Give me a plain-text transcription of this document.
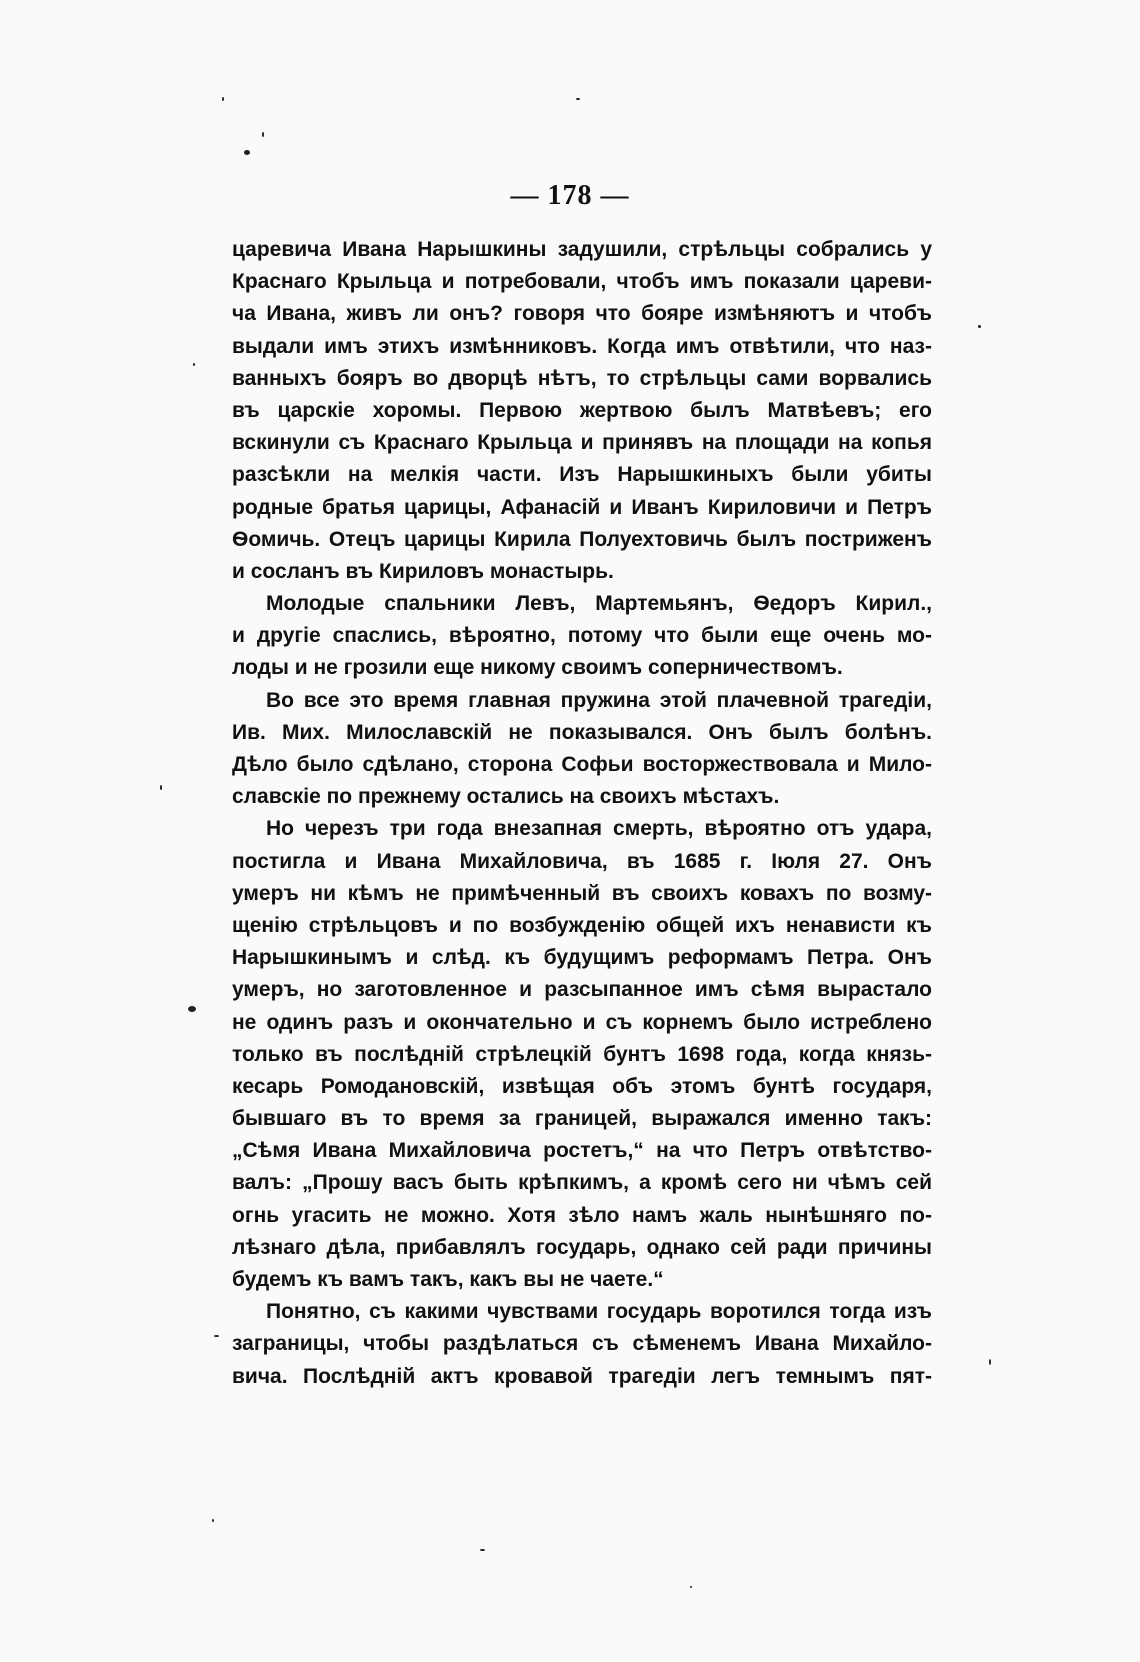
— 178 —
царевича Ивана Нарышкины задушили, стрѣльцы собрались у
Краснаго Крыльца и потребовали, чтобъ имъ показали цареви-
ча Ивана, живъ ли онъ? говоря что бояре измѣняютъ и чтобъ
выдали имъ этихъ измѣнниковъ. Когда имъ отвѣтили, что наз-
ванныхъ бояръ во дворцѣ нѣтъ, то стрѣльцы сами ворвались
въ царскіе хоромы. Первою жертвою былъ Матвѣевъ; его
вскинули съ Краснаго Крыльца и принявъ на площади на копья
разсѣкли на мелкія части. Изъ Нарышкиныхъ были убиты
родные братья царицы, Афанасій и Иванъ Кириловичи и Петръ
Ѳомичь. Отецъ царицы Кирила Полуехтовичь былъ постриженъ
и сосланъ въ Кириловъ монастырь.
Молодые спальники Левъ, Мартемьянъ, Ѳедоръ Кирил.,
и другіе спаслись, вѣроятно, потому что были еще очень мо-
лоды и не грозили еще никому своимъ соперничествомъ.
Во все это время главная пружина этой плачевной трагедіи,
Ив. Мих. Милославскій не показывался. Онъ былъ болѣнъ.
Дѣло было сдѣлано, сторона Софьи восторжествовала и Мило-
славскіе по прежнему остались на своихъ мѣстахъ.
Но черезъ три года внезапная смерть, вѣроятно отъ удара,
постигла и Ивана Михайловича, въ 1685 г. Іюля 27. Онъ
умеръ ни кѣмъ не примѣченный въ своихъ ковахъ по возму-
щенію стрѣльцовъ и по возбужденію общей ихъ ненависти къ
Нарышкинымъ и слѣд. къ будущимъ реформамъ Петра. Онъ
умеръ, но заготовленное и разсыпанное имъ сѣмя вырастало
не одинъ разъ и окончательно и съ корнемъ было истреблено
только въ послѣдній стрѣлецкій бунтъ 1698 года, когда князь-
кесарь Ромодановскій, извѣщая объ этомъ бунтѣ государя,
бывшаго въ то время за границей, выражался именно такъ:
„Сѣмя Ивана Михайловича ростетъ,“ на что Петръ отвѣтство-
валъ: „Прошу васъ быть крѣпкимъ, а кромѣ сего ни чѣмъ сей
огнь угасить не можно. Хотя зѣло намъ жаль нынѣшняго по-
лѣзнаго дѣла, прибавлялъ государь, однако сей ради причины
будемъ къ вамъ такъ, какъ вы не чаете.“
Понятно, съ какими чувствами государь воротился тогда изъ
заграницы, чтобы раздѣлаться съ сѣменемъ Ивана Михайло-
вича. Послѣдній актъ кровавой трагедіи легъ темнымъ пят-
